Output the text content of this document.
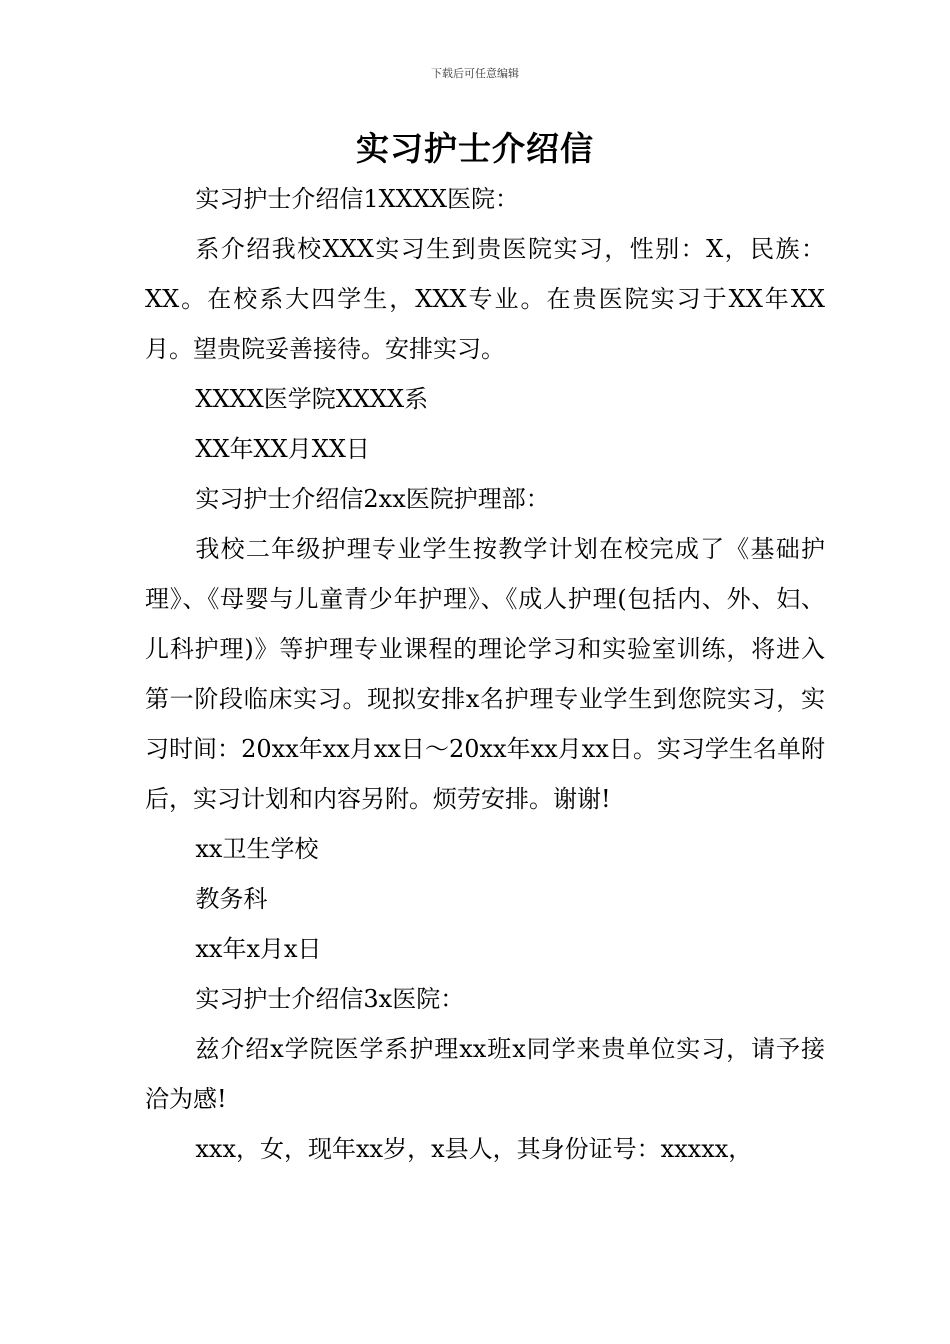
下载后可任意编辑
实习护士介绍信

实习护士介绍信1XXXX医院：

系介绍我校XXX实习生到贵医院实习，性别：X，民族：XX。在校系大四学生，XXX专业。在贵医院实习于XX年XX月。望贵院妥善接待。安排实习。

XXXX医学院XXXX系

XX年XX月XX日

实习护士介绍信2xx医院护理部：

我校二年级护理专业学生按教学计划在校完成了《基础护理》、《母婴与儿童青少年护理》、《成人护理(包括内、外、妇、儿科护理)》等护理专业课程的理论学习和实验室训练，将进入第一阶段临床实习。现拟安排x名护理专业学生到您院实习，实习时间：20xx年xx月xx日～20xx年xx月xx日。实习学生名单附后，实习计划和内容另附。烦劳安排。谢谢!

xx卫生学校

教务科

xx年x月x日

实习护士介绍信3x医院：

兹介绍x学院医学系护理xx班x同学来贵单位实习，请予接洽为感!

xxx，女，现年xx岁，x县人，其身份证号：xxxxx，
